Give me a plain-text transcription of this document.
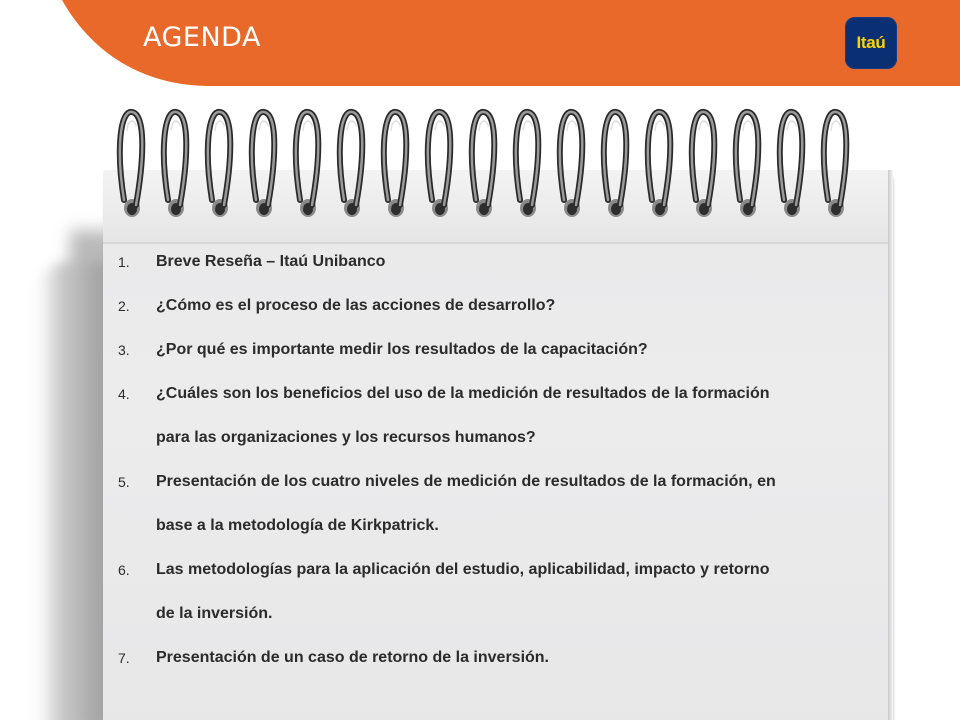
AGENDA	Itaú
1. Breve Reseña – Itaú Unibanco
2. ¿Cómo es el proceso de las acciones de desarrollo?
3. ¿Por qué es importante medir los resultados de la capacitación?
4. ¿Cuáles son los beneficios del uso de la medición de resultados de la formación
para las organizaciones y los recursos humanos?
5. Presentación de los cuatro niveles de medición de resultados de la formación, en
base a la metodología de Kirkpatrick.
6. Las metodologías para la aplicación del estudio, aplicabilidad, impacto y retorno
de la inversión.
7. Presentación de un caso de retorno de la inversión.
